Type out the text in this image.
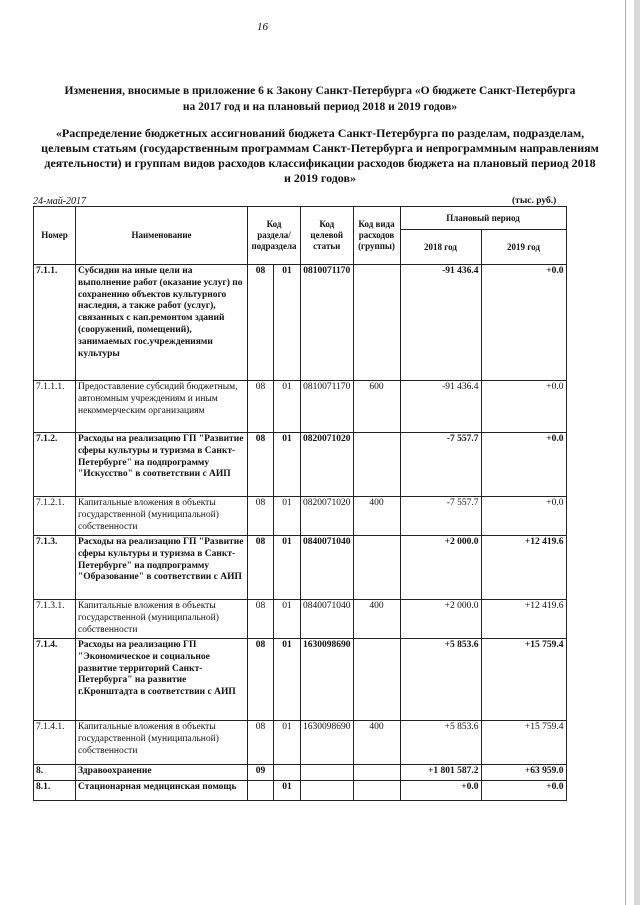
16
Изменения, вносимые в приложение 6 к Закону Санкт-Петербурга «О бюджете Санкт-Петербурга на 2017 год и на плановый период 2018 и 2019 годов»
«Распределение бюджетных ассигнований бюджета Санкт-Петербурга по разделам, подразделам, целевым статьям (государственным программам Санкт-Петербурга и непрограммным направлениям деятельности) и группам видов расходов классификации расходов бюджета на плановый период 2018 и 2019 годов»
24-май-2017	(тыс. руб.)
Номер	Наименование	Код раздела/ подраздела		Код целевой статьи	Код вида расходов (группы)	Плановый период	
						2018 год	2019 год
7.1.1.	Субсидии на иные цели на выполнение работ (оказание услуг) по сохранению объектов культурного наследия, а также работ (услуг), связанных с кап.ремонтом зданий (сооружений, помещений), занимаемых гос.учреждениями культуры	08	01	0810071170		-91 436.4	+0.0
7.1.1.1.	Предоставление субсидий бюджетным, автономным учреждениям и иным некоммерческим организациям	08	01	0810071170	600	-91 436.4	+0.0
7.1.2.	Расходы на реализацию ГП "Развитие сферы культуры и туризма в Санкт-Петербурге" на подпрограмму "Искусство" в соответствии с АИП	08	01	0820071020		-7 557.7	+0.0
7.1.2.1.	Капитальные вложения в объекты государственной (муниципальной) собственности	08	01	0820071020	400	-7 557.7	+0.0
7.1.3.	Расходы на реализацию ГП "Развитие сферы культуры и туризма в Санкт-Петербурге" на подпрограмму "Образование" в соответствии с АИП	08	01	0840071040		+2 000.0	+12 419.6
7.1.3.1.	Капитальные вложения в объекты государственной (муниципальной) собственности	08	01	0840071040	400	+2 000.0	+12 419.6
7.1.4.	Расходы на реализацию ГП "Экономическое и социальное развитие территорий Санкт-Петербурга" на развитие г.Кронштадта в соответствии с АИП	08	01	1630098690		+5 853.6	+15 759.4
7.1.4.1.	Капитальные вложения в объекты государственной (муниципальной) собственности	08	01	1630098690	400	+5 853.6	+15 759.4
8.	Здравоохранение	09				+1 801 587.2	+63 959.0
8.1.	Стационарная медицинская помощь		01			+0.0	+0.0
